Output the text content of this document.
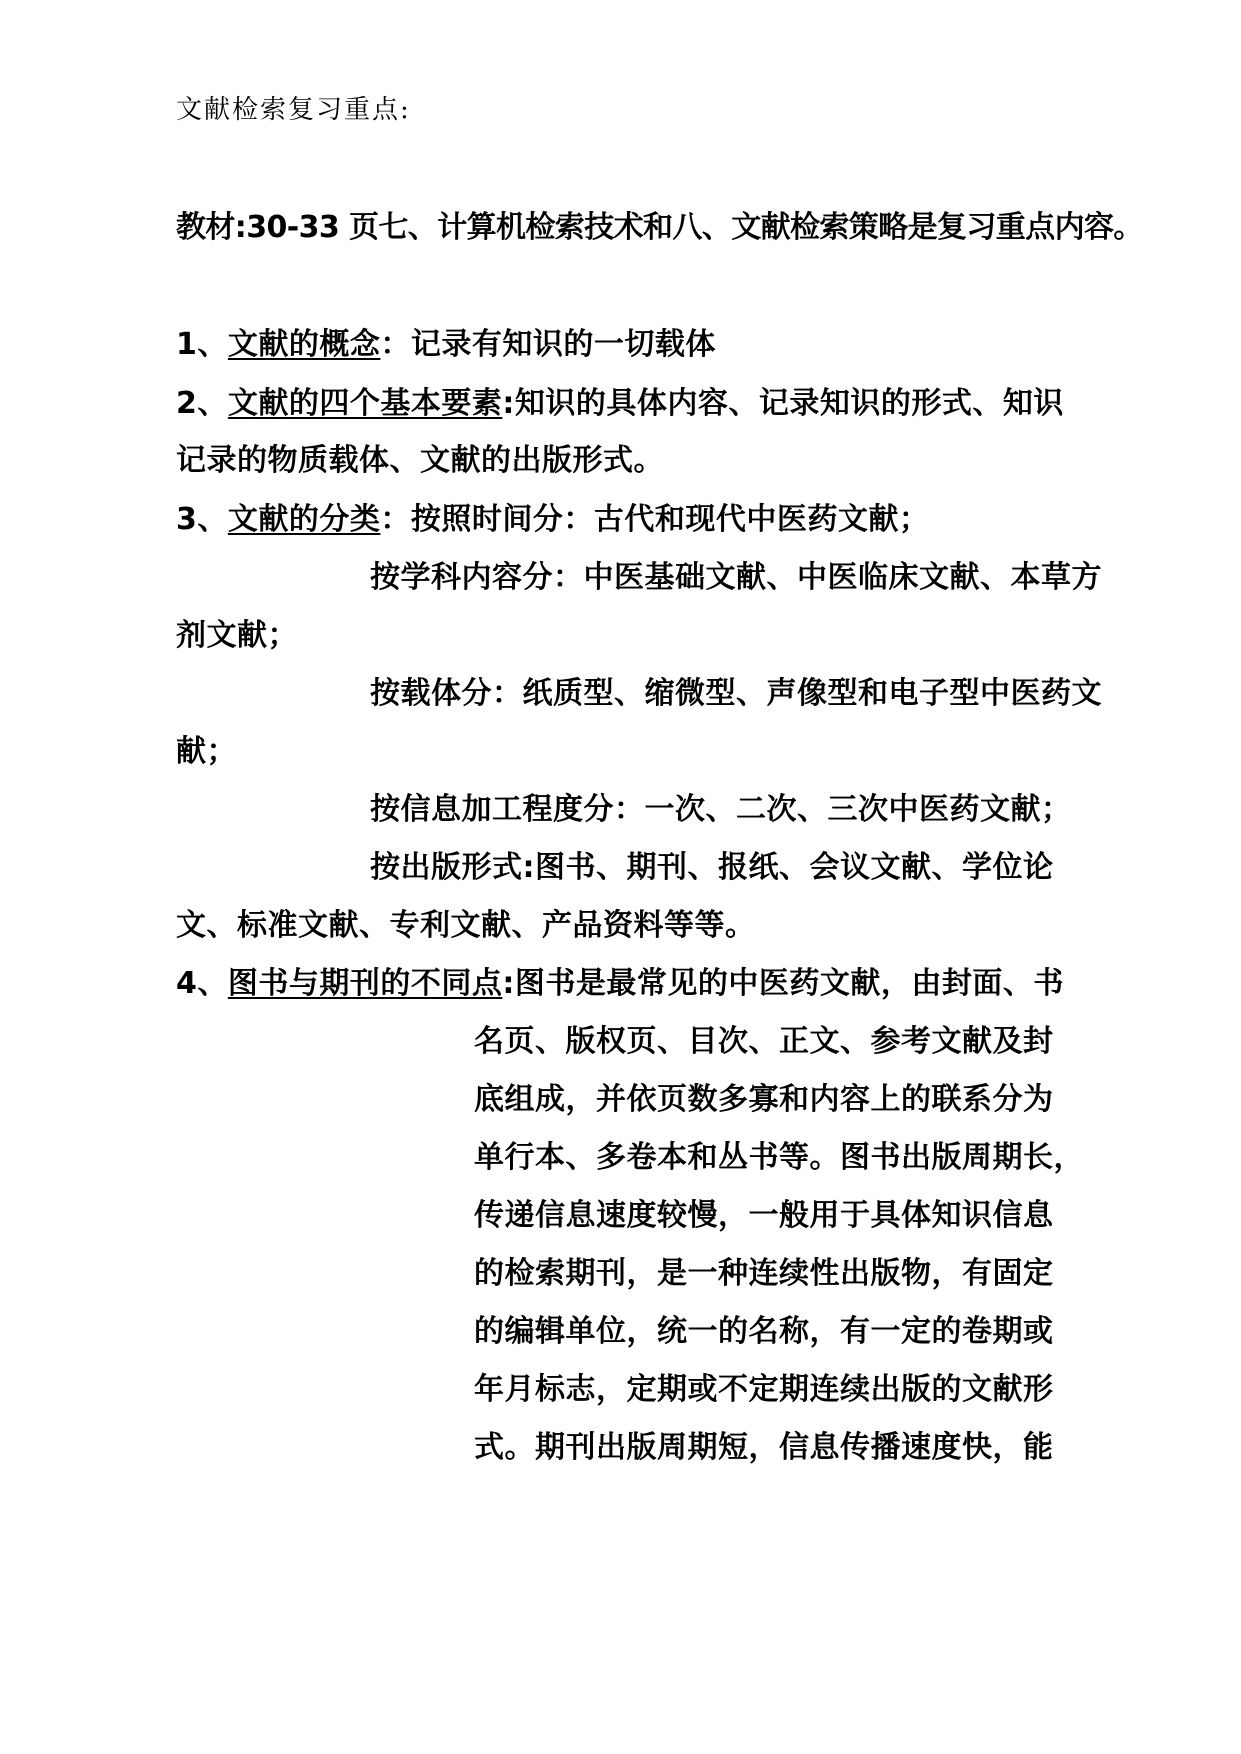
文献检索复习重点:
教材:30-33 页七、计算机检索技术和八、文献检索策略是复习重点内容。
1、文献的概念：记录有知识的一切载体
2、文献的四个基本要素:知识的具体内容、记录知识的形式、知识
记录的物质载体、文献的出版形式。
3、文献的分类：按照时间分：古代和现代中医药文献；
按学科内容分：中医基础文献、中医临床文献、本草方
剂文献；
按载体分：纸质型、缩微型、声像型和电子型中医药文
献；
按信息加工程度分：一次、二次、三次中医药文献；
按出版形式:图书、期刊、报纸、会议文献、学位论
文、标准文献、专利文献、产品资料等等。
4、图书与期刊的不同点:图书是最常见的中医药文献，由封面、书
名页、版权页、目次、正文、参考文献及封
底组成，并依页数多寡和内容上的联系分为
单行本、多卷本和丛书等。图书出版周期长，
传递信息速度较慢，一般用于具体知识信息
的检索期刊，是一种连续性出版物，有固定
的编辑单位，统一的名称，有一定的卷期或
年月标志，定期或不定期连续出版的文献形
式。期刊出版周期短，信息传播速度快，能
